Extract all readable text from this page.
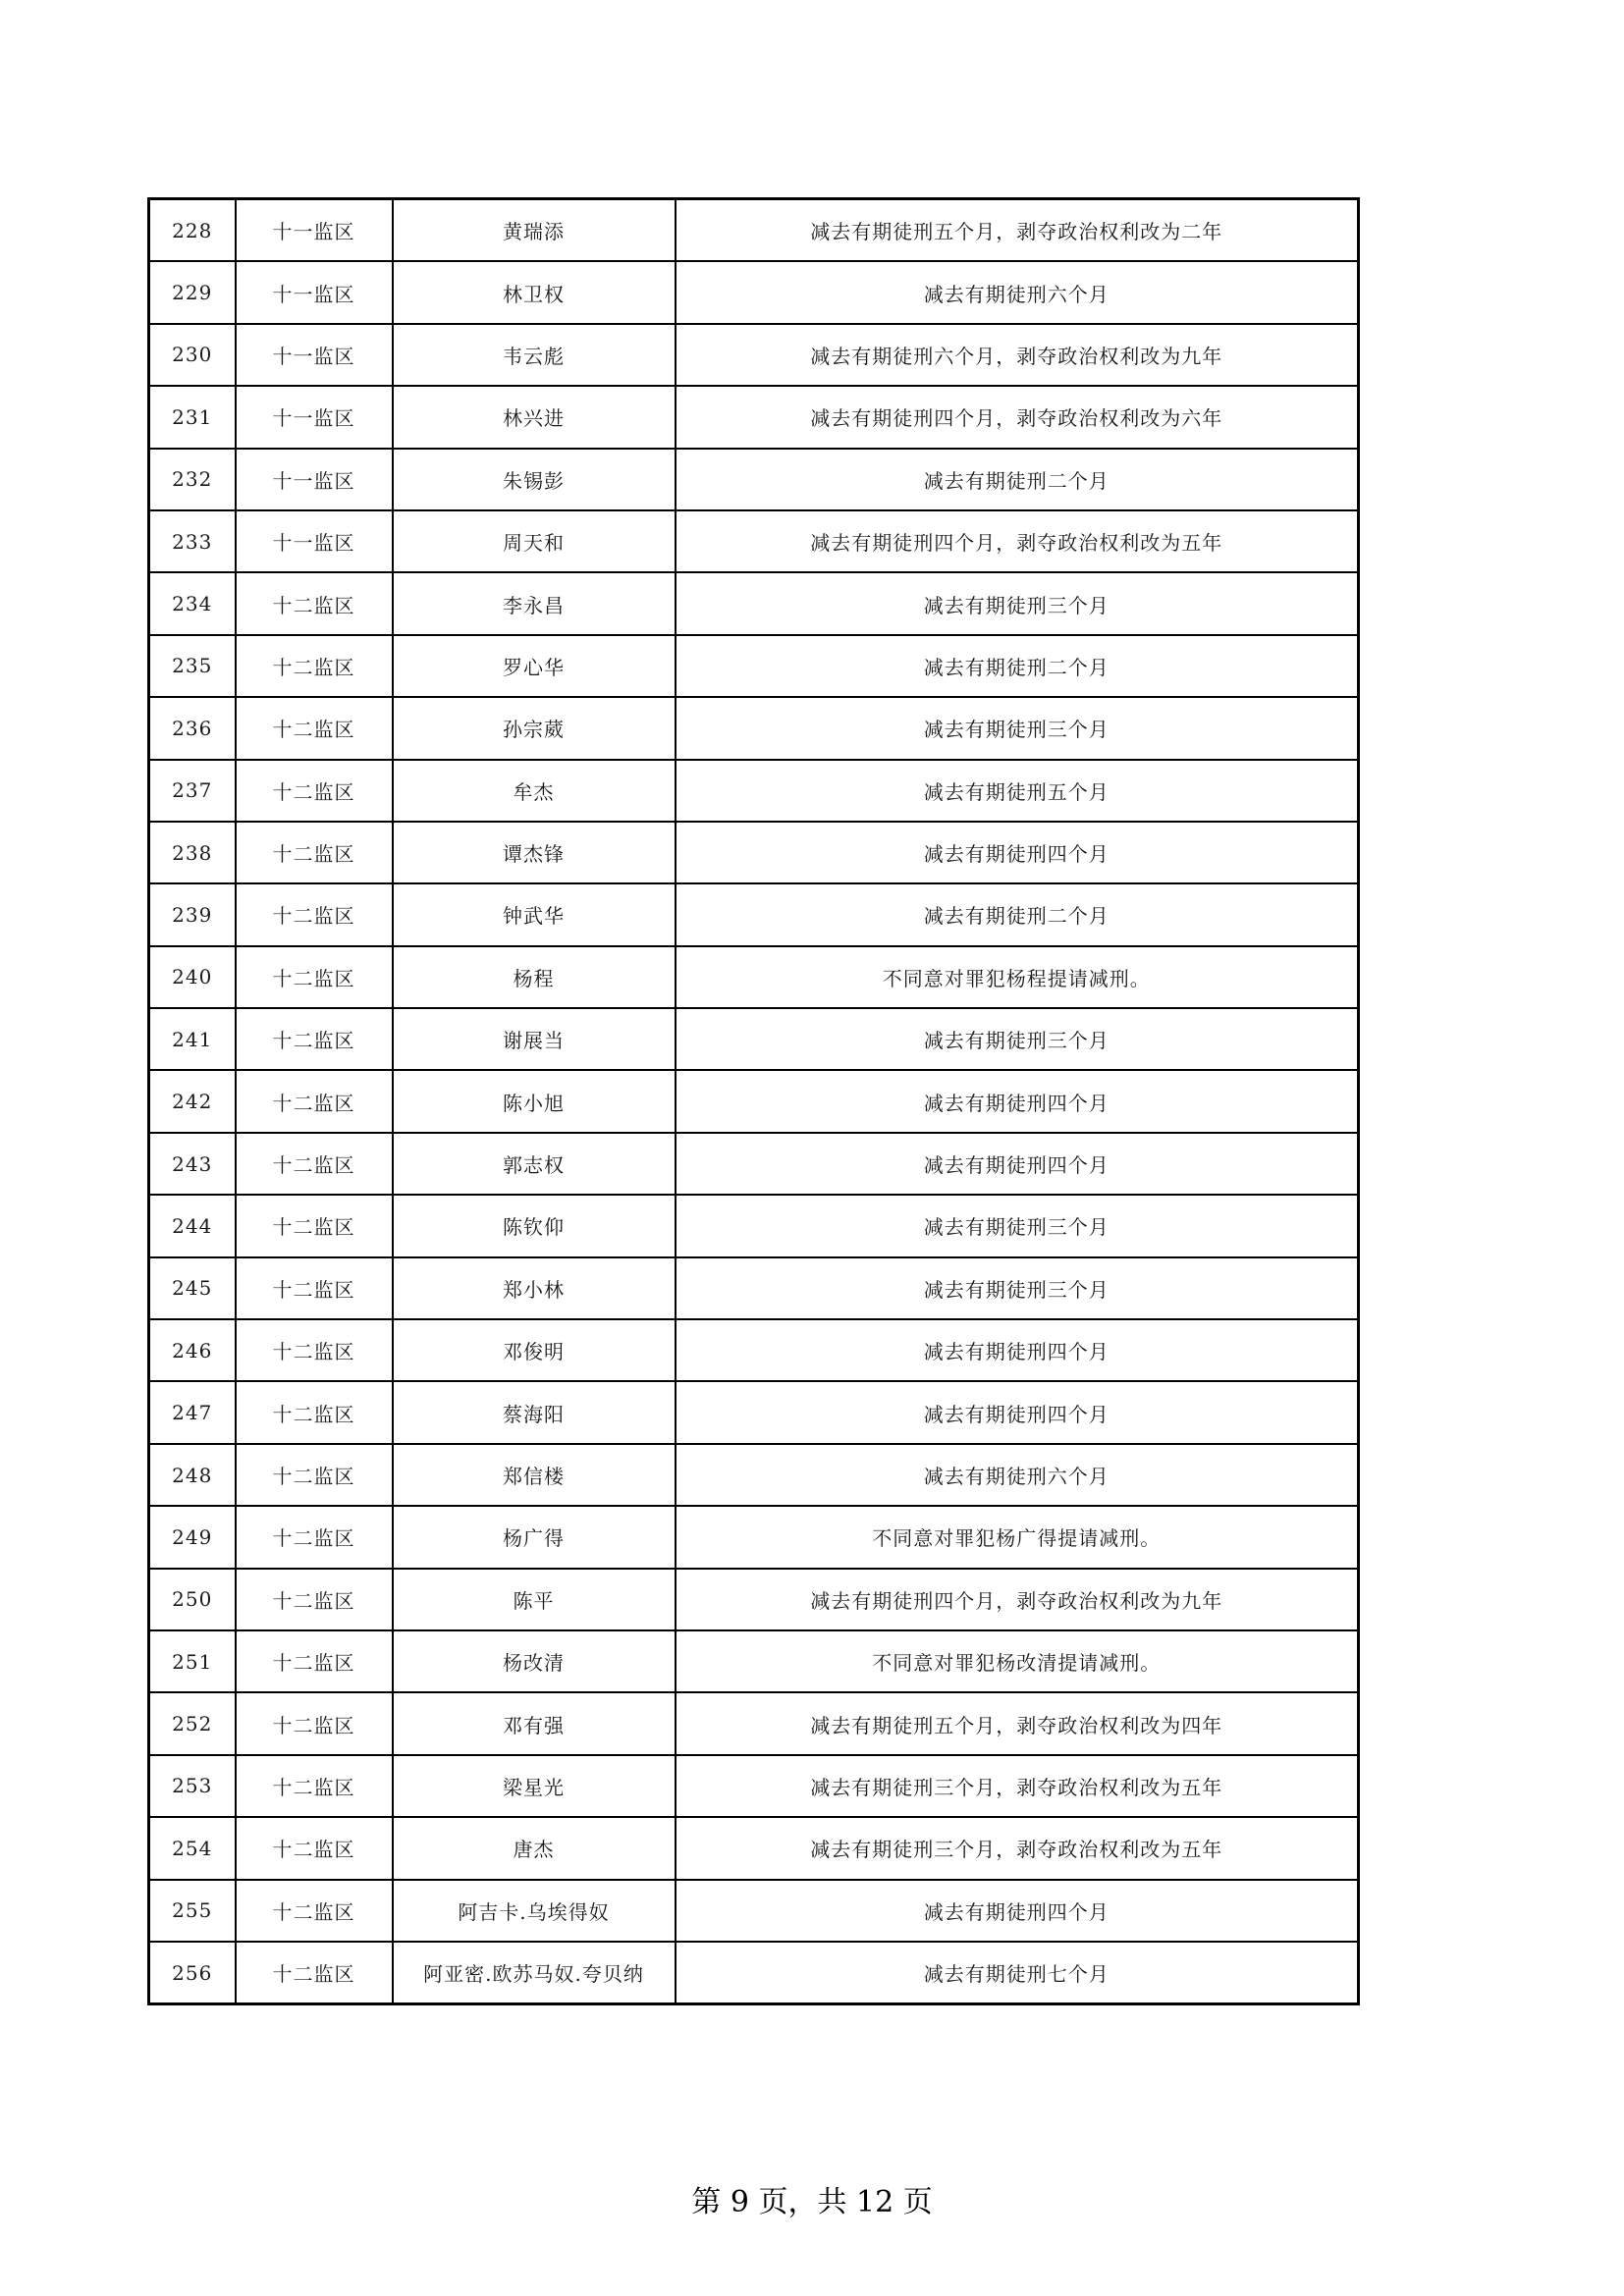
228	十一监区	黄瑞添	减去有期徒刑五个月，剥夺政治权利改为二年
229	十一监区	林卫权	减去有期徒刑六个月
230	十一监区	韦云彪	减去有期徒刑六个月，剥夺政治权利改为九年
231	十一监区	林兴进	减去有期徒刑四个月，剥夺政治权利改为六年
232	十一监区	朱锡彭	减去有期徒刑二个月
233	十一监区	周天和	减去有期徒刑四个月，剥夺政治权利改为五年
234	十二监区	李永昌	减去有期徒刑三个月
235	十二监区	罗心华	减去有期徒刑二个月
236	十二监区	孙宗葳	减去有期徒刑三个月
237	十二监区	牟杰	减去有期徒刑五个月
238	十二监区	谭杰锋	减去有期徒刑四个月
239	十二监区	钟武华	减去有期徒刑二个月
240	十二监区	杨程	不同意对罪犯杨程提请减刑。
241	十二监区	谢展当	减去有期徒刑三个月
242	十二监区	陈小旭	减去有期徒刑四个月
243	十二监区	郭志权	减去有期徒刑四个月
244	十二监区	陈钦仰	减去有期徒刑三个月
245	十二监区	郑小林	减去有期徒刑三个月
246	十二监区	邓俊明	减去有期徒刑四个月
247	十二监区	蔡海阳	减去有期徒刑四个月
248	十二监区	郑信楼	减去有期徒刑六个月
249	十二监区	杨广得	不同意对罪犯杨广得提请减刑。
250	十二监区	陈平	减去有期徒刑四个月，剥夺政治权利改为九年
251	十二监区	杨改清	不同意对罪犯杨改清提请减刑。
252	十二监区	邓有强	减去有期徒刑五个月，剥夺政治权利改为四年
253	十二监区	梁星光	减去有期徒刑三个月，剥夺政治权利改为五年
254	十二监区	唐杰	减去有期徒刑三个月，剥夺政治权利改为五年
255	十二监区	阿吉卡.乌埃得奴	减去有期徒刑四个月
256	十二监区	阿亚密.欧苏马奴.夸贝纳	减去有期徒刑七个月
第 9 页，共 12 页
